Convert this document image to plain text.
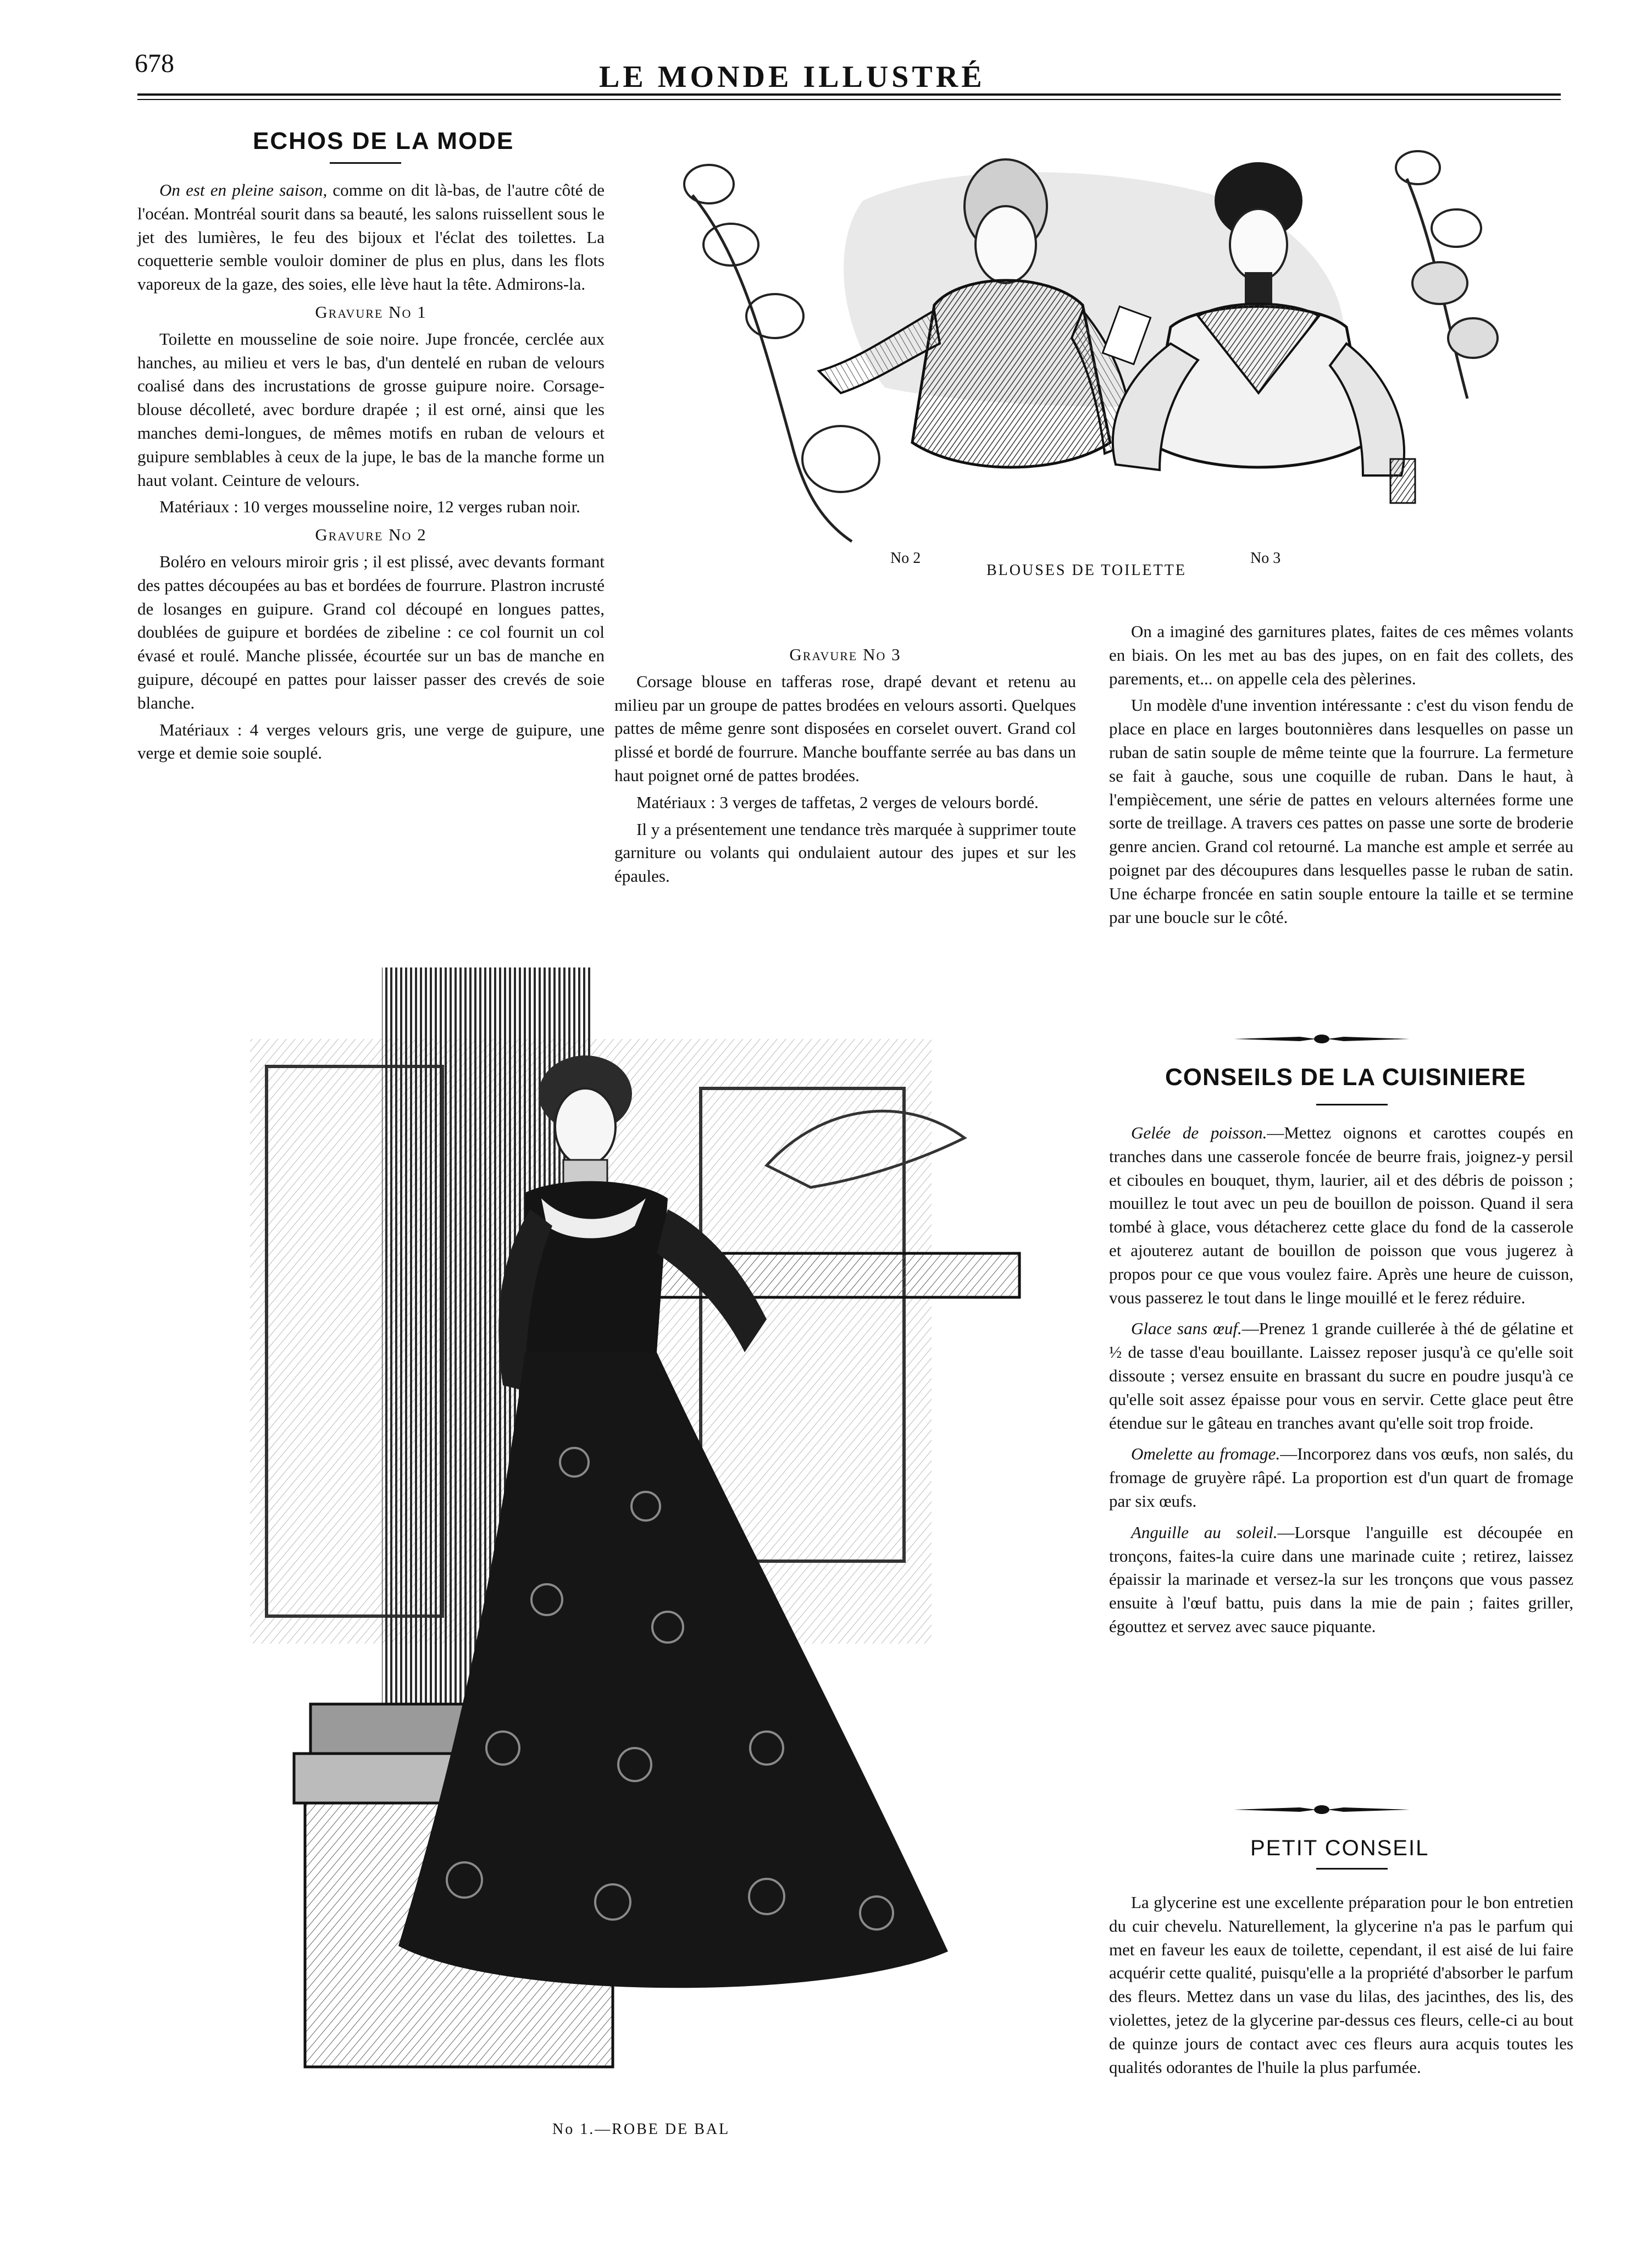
678	LE MONDE ILLUSTRÉ
ECHOS DE LA MODE

On est en pleine saison, comme on dit là-bas, de l'autre côté de l'océan. Montréal sourit dans sa beauté, les salons ruissellent sous le jet des lumières, le feu des bijoux et l'éclat des toilettes. La coquetterie semble vouloir dominer de plus en plus, dans les flots vaporeux de la gaze, des soies, elle lève haut la tête. Admirons-la.

Gravure No 1

Toilette en mousseline de soie noire. Jupe froncée, cerclée aux hanches, au milieu et vers le bas, d'un dentelé en ruban de velours coalisé dans des incrustations de grosse guipure noire. Corsage-blouse décolleté, avec bordure drapée ; il est orné, ainsi que les manches demi-longues, de mêmes motifs en ruban de velours et guipure semblables à ceux de la jupe, le bas de la manche forme un haut volant. Ceinture de velours.

Matériaux : 10 verges mousseline noire, 12 verges ruban noir.

Gravure No 2

Boléro en velours miroir gris ; il est plissé, avec devants formant des pattes découpées au bas et bordées de fourrure. Plastron incrusté de losanges en guipure. Grand col découpé en longues pattes, doublées de guipure et bordées de zibeline : ce col fournit un col évasé et roulé. Manche plissée, écourtée sur un bas de manche en guipure, découpé en pattes pour laisser passer des crevés de soie blanche.

Matériaux : 4 verges velours gris, une verge de guipure, une verge et demie soie souplé.

No 2	No 3
BLOUSES DE TOILETTE

Gravure No 3

Corsage blouse en tafferas rose, drapé devant et retenu au milieu par un groupe de pattes brodées en velours assorti. Quelques pattes de même genre sont disposées en corselet ouvert. Grand col plissé et bordé de fourrure. Manche bouffante serrée au bas dans un haut poignet orné de pattes brodées.

Matériaux : 3 verges de taffetas, 2 verges de velours bordé.

Il y a présentement une tendance très marquée à supprimer toute garniture ou volants qui ondulaient autour des jupes et sur les épaules.

On a imaginé des garnitures plates, faites de ces mêmes volants en biais. On les met au bas des jupes, on en fait des collets, des parements, et... on appelle cela des pèlerines.

Un modèle d'une invention intéressante : c'est du vison fendu de place en place en larges boutonnières dans lesquelles on passe un ruban de satin souple de même teinte que la fourrure. La fermeture se fait à gauche, sous une coquille de ruban. Dans le haut, à l'empiècement, une série de pattes en velours alternées forme une sorte de treillage. A travers ces pattes on passe une sorte de broderie genre ancien. Grand col retourné. La manche est ample et serrée au poignet par des découpures dans lesquelles passe le ruban de satin. Une écharpe froncée en satin souple entoure la taille et se termine par une boucle sur le côté.

CONSEILS DE LA CUISINIERE

Gelée de poisson.—Mettez oignons et carottes coupés en tranches dans une casserole foncée de beurre frais, joignez-y persil et ciboules en bouquet, thym, laurier, ail et des débris de poisson ; mouillez le tout avec un peu de bouillon de poisson. Quand il sera tombé à glace, vous détacherez cette glace du fond de la casserole et ajouterez autant de bouillon de poisson que vous jugerez à propos pour ce que vous voulez faire. Après une heure de cuisson, vous passerez le tout dans le linge mouillé et le ferez réduire.

Glace sans œuf.—Prenez 1 grande cuillerée à thé de gélatine et ½ de tasse d'eau bouillante. Laissez reposer jusqu'à ce qu'elle soit dissoute ; versez ensuite en brassant du sucre en poudre jusqu'à ce qu'elle soit assez épaisse pour vous en servir. Cette glace peut être étendue sur le gâteau en tranches avant qu'elle soit trop froide.

Omelette au fromage.—Incorporez dans vos œufs, non salés, du fromage de gruyère râpé. La proportion est d'un quart de fromage par six œufs.

Anguille au soleil.—Lorsque l'anguille est découpée en tronçons, faites-la cuire dans une marinade cuite ; retirez, laissez épaissir la marinade et versez-la sur les tronçons que vous passez ensuite à l'œuf battu, puis dans la mie de pain ; faites griller, égouttez et servez avec sauce piquante.

PETIT CONSEIL

La glycerine est une excellente préparation pour le bon entretien du cuir chevelu. Naturellement, la glycerine n'a pas le parfum qui met en faveur les eaux de toilette, cependant, il est aisé de lui faire acquérir cette qualité, puisqu'elle a la propriété d'absorber le parfum des fleurs. Mettez dans un vase du lilas, des jacinthes, des lis, des violettes, jetez de la glycerine par-dessus ces fleurs, celle-ci au bout de quinze jours de contact avec ces fleurs aura acquis toutes les qualités odorantes de l'huile la plus parfumée.

No 1.—ROBE DE BAL
